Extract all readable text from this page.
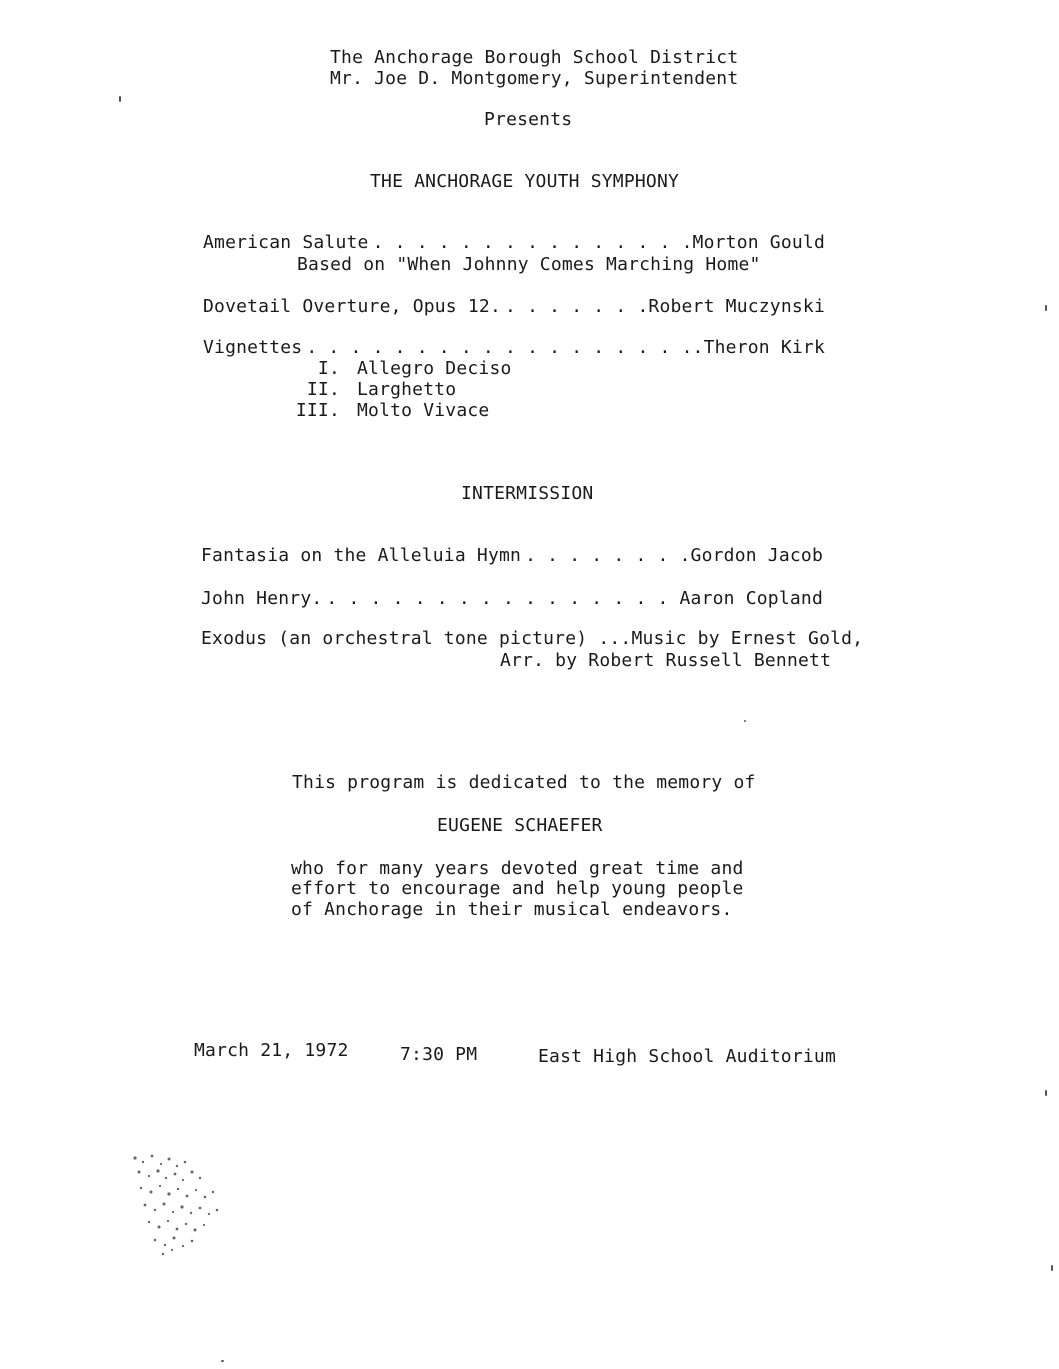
The Anchorage Borough School District
Mr. Joe D. Montgomery, Superintendent
Presents
THE ANCHORAGE YOUTH SYMPHONY
American Salute . . .	Morton Gould
Based on "When Johnny Comes Marching Home"
Dovetail Overture, Opus 12. . . .	Robert Muczynski
Vignettes . . .	.Theron Kirk
I. Allegro Deciso
II. Larghetto
III. Molto Vivace
INTERMISSION
Fantasia on the Alleluia Hymn . . .	Gordon Jacob
John Henry. . . .	Aaron Copland
Exodus (an orchestral tone picture) ...Music by Ernest Gold,
Arr. by Robert Russell Bennett
This program is dedicated to the memory of
EUGENE SCHAEFER
who for many years devoted great time and
effort to encourage and help young people
of Anchorage in their musical endeavors.
March 21, 1972	7:30 PM	East High School Auditorium
